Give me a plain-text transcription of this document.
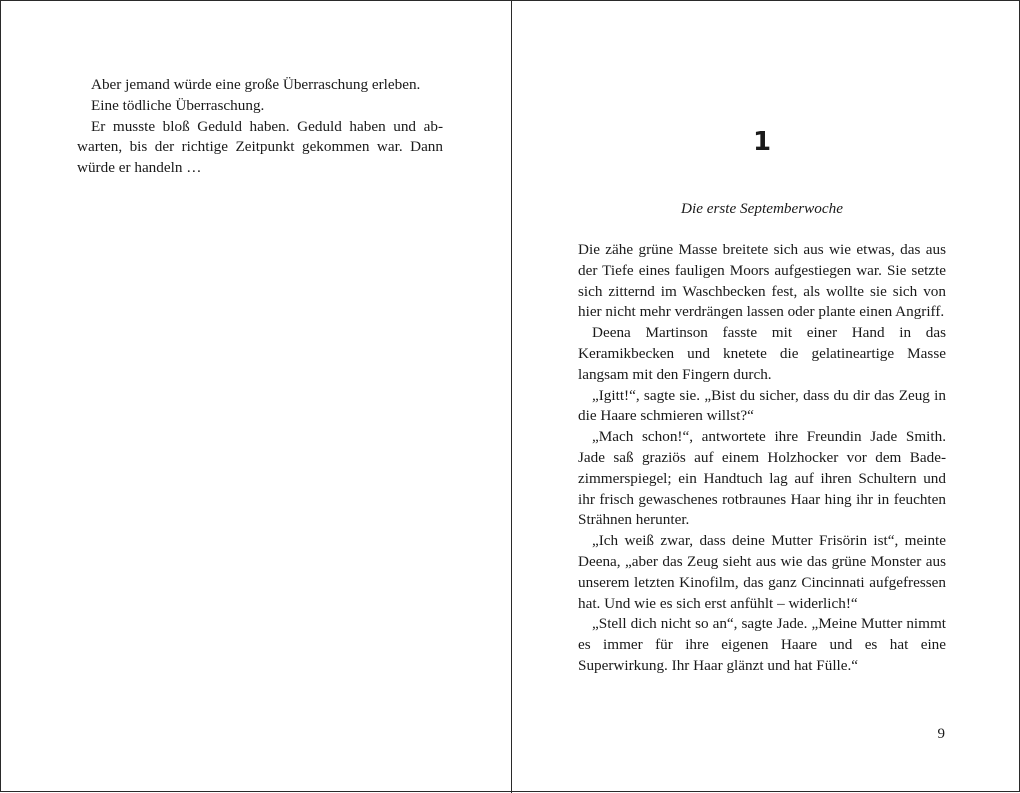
Aber jemand würde eine große Überraschung erleben.

Eine tödliche Überraschung.

Er musste bloß Geduld haben. Geduld haben und abwarten, bis der richtige Zeitpunkt gekommen war. Dann würde er handeln …

1
Die erste Septemberwoche

Die zähe grüne Masse breitete sich aus wie etwas, das aus der Tiefe eines fauligen Moors aufgestiegen war. Sie setzte sich zitternd im Waschbecken fest, als wollte sie sich von hier nicht mehr verdrängen lassen oder plante einen Angriff.

Deena Martinson fasste mit einer Hand in das Keramikbecken und knetete die gelatineartige Masse langsam mit den Fingern durch.

„Igitt!“, sagte sie. „Bist du sicher, dass du dir das Zeug in die Haare schmieren willst?“

„Mach schon!“, antwortete ihre Freundin Jade Smith. Jade saß graziös auf einem Holzhocker vor dem Badezimmerspiegel; ein Handtuch lag auf ihren Schultern und ihr frisch gewaschenes rotbraunes Haar hing ihr in feuchten Strähnen herunter.

„Ich weiß zwar, dass deine Mutter Frisörin ist“, meinte Deena, „aber das Zeug sieht aus wie das grüne Monster aus unserem letzten Kinofilm, das ganz Cincinnati aufgefressen hat. Und wie es sich erst anfühlt – widerlich!“

„Stell dich nicht so an“, sagte Jade. „Meine Mutter nimmt es immer für ihre eigenen Haare und es hat eine Superwirkung. Ihr Haar glänzt und hat Fülle.“

9
